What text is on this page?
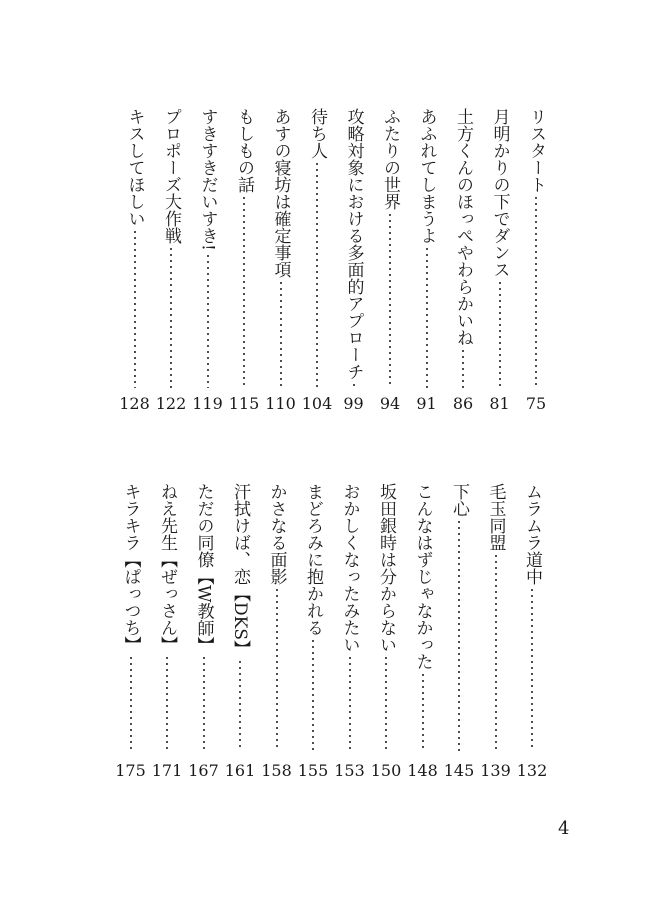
リスタート
75
月明かりの下でダンス
81
土方くんのほっぺやわらかいね
86
あふれてしまうよ
91
ふたりの世界
94
攻略対象における多面的アプローチ
99
待ち人
104
あすの寝坊は確定事項
110
もしもの話
115
すきすきだいすき!
119
プロポーズ大作戦
122
キスしてほしい
128
ムラムラ道中
132
毛玉同盟
139
下心
145
こんなはずじゃなかった
148
坂田銀時は分からない
150
おかしくなったみたい
153
まどろみに抱かれる
155
かさなる面影
158
汗拭けば、恋【DKS】
161
ただの同僚【W教師】
167
ねえ先生【ぜっさん】
171
キラキラ【ぱっつち】
175
4
